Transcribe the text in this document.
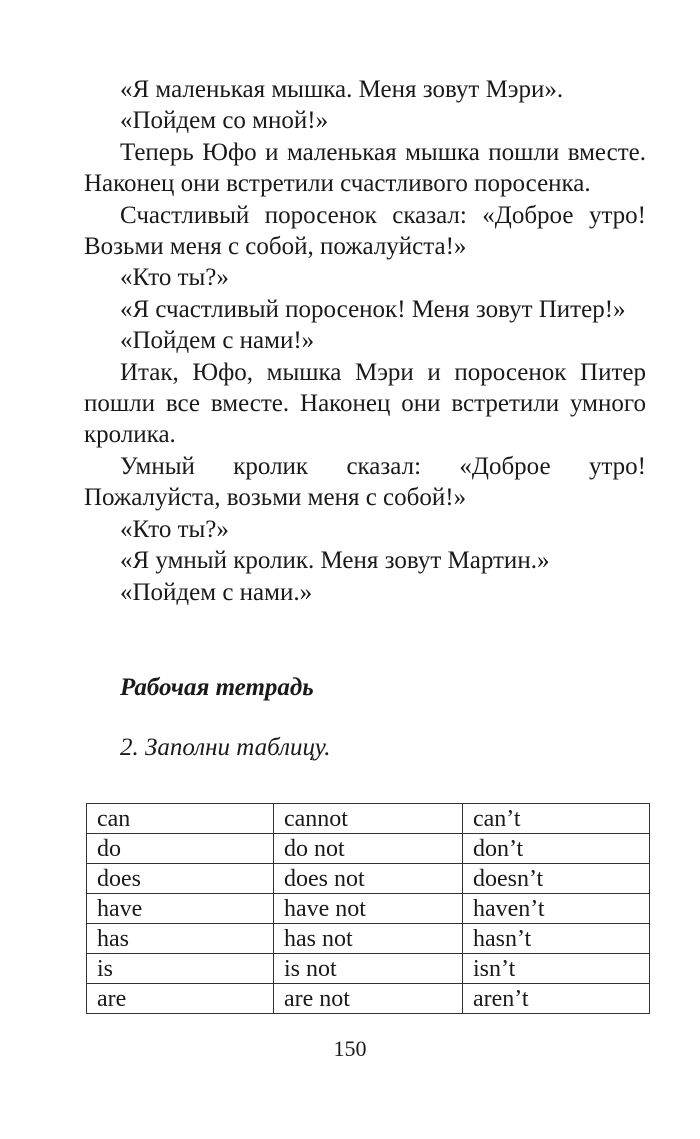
«Я маленькая мышка. Меня зовут Мэри».

«Пойдем со мной!»

Теперь Юфо и маленькая мышка пошли вместе. Наконец они встретили счастливого поросенка.

Счастливый поросенок сказал: «Доброе утро! Возьми меня с собой, пожалуйста!»

«Кто ты?»

«Я счастливый поросенок! Меня зовут Питер!»

«Пойдем с нами!»

Итак, Юфо, мышка Мэри и поросенок Питер пошли все вместе. Наконец они встретили умного кролика.

Умный кролик сказал: «Доброе утро! Пожалуйста, возьми меня с собой!»

«Кто ты?»

«Я умный кролик. Меня зовут Мартин.»

«Пойдем с нами.»

Рабочая тетрадь

2. Заполни таблицу.

can	cannot	can’t
do	do not	don’t
does	does not	doesn’t
have	have not	haven’t
has	has not	hasn’t
is	is not	isn’t
are	are not	aren’t

150
